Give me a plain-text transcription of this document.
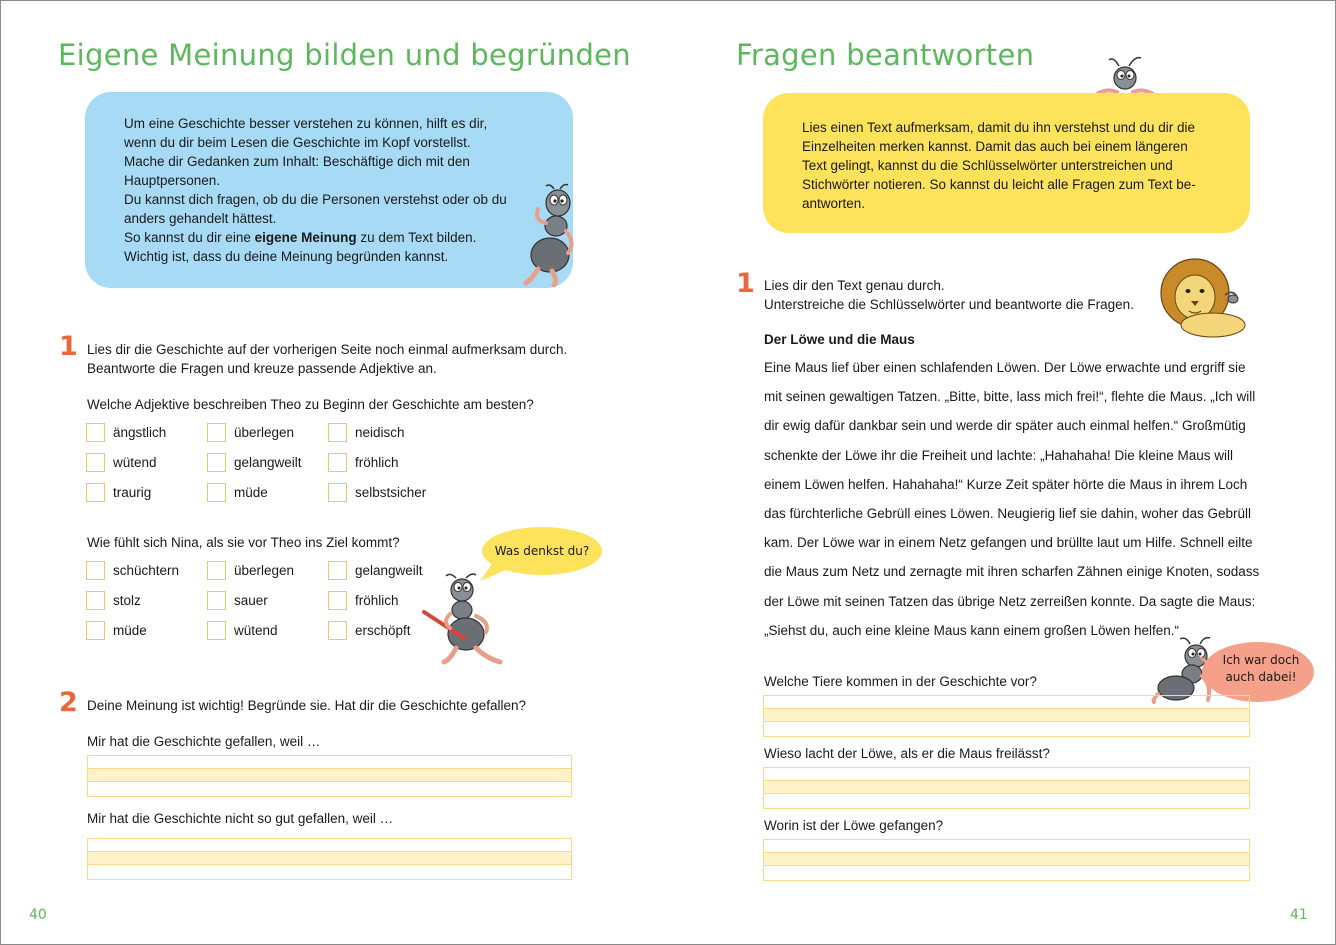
Eigene Meinung bilden und begründen

Um eine Geschichte besser verstehen zu können, hilft es dir,

wenn du dir beim Lesen die Geschichte im Kopf vorstellst.

Mache dir Gedanken zum Inhalt: Beschäftige dich mit den

Hauptpersonen.

Du kannst dich fragen, ob du die Personen verstehst oder ob du

anders gehandelt hättest.

So kannst du dir eine eigene Meinung zu dem Text bilden.

Wichtig ist, dass du deine Meinung begründen kannst.

1 Lies dir die Geschichte auf der vorherigen Seite noch einmal aufmerksam durch.
Beantworte die Fragen und kreuze passende Adjektive an.
Welche Adjektive beschreiben Theo zu Beginn der Geschichte am besten?
ängstlich	überlegen	neidisch
wütend	gelangweilt	fröhlich
traurig	müde	selbstsicher
Wie fühlt sich Nina, als sie vor Theo ins Ziel kommt?
schüchtern	überlegen	gelangweilt
stolz	sauer	fröhlich
müde	wütend	erschöpft
Was denkst du?
2 Deine Meinung ist wichtig! Begründe sie. Hat dir die Geschichte gefallen?
Mir hat die Geschichte gefallen, weil …
Mir hat die Geschichte nicht so gut gefallen, weil …
40
Fragen beantworten

Lies einen Text aufmerksam, damit du ihn verstehst und du dir die

Einzelheiten merken kannst. Damit das auch bei einem längeren

Text gelingt, kannst du die Schlüsselwörter unterstreichen und

Stichwörter notieren. So kannst du leicht alle Fragen zum Text be-

antworten.

1 Lies dir den Text genau durch.
Unterstreiche die Schlüsselwörter und beantworte die Fragen.
Der Löwe und die Maus
Eine Maus lief über einen schlafenden Löwen. Der Löwe erwachte und ergriff sie
mit seinen gewaltigen Tatzen. „Bitte, bitte, lass mich frei!“, flehte die Maus. „Ich will
dir ewig dafür dankbar sein und werde dir später auch einmal helfen.“ Großmütig
schenkte der Löwe ihr die Freiheit und lachte: „Hahahaha! Die kleine Maus will
einem Löwen helfen. Hahahaha!“ Kurze Zeit später hörte die Maus in ihrem Loch
das fürchterliche Gebrüll eines Löwen. Neugierig lief sie dahin, woher das Gebrüll
kam. Der Löwe war in einem Netz gefangen und brüllte laut um Hilfe. Schnell eilte
die Maus zum Netz und zernagte mit ihren scharfen Zähnen einige Knoten, sodass
der Löwe mit seinen Tatzen das übrige Netz zerreißen konnte. Da sagte die Maus:
„Siehst du, auch eine kleine Maus kann einem großen Löwen helfen.“
Ich war doch
auch dabei!
Welche Tiere kommen in der Geschichte vor?
Wieso lacht der Löwe, als er die Maus freilässt?
Worin ist der Löwe gefangen?
41
